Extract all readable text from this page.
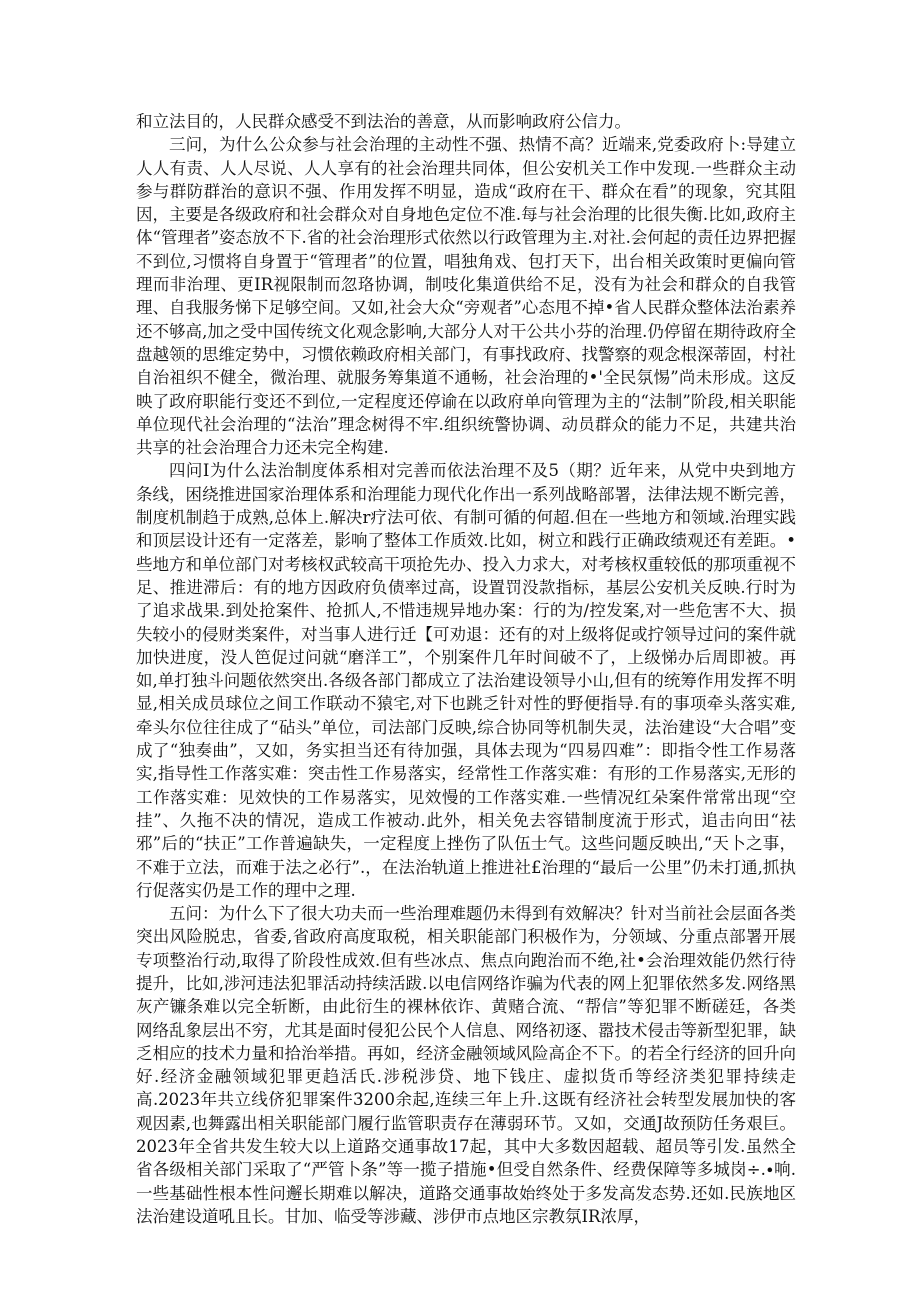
和立法目的，人民群众感受不到法治的善意，从而影响政府公信力。

三问，为什么公众参与社会治理的主动性不强、热情不高？近端来,党委政府卜:导建立人人有责、人人尽说、人人享有的社会治理共同体，但公安机关工作中发现.一些群众主动参与群防群治的意识不强、作用发挥不明显，造成“政府在干、群众在看”的现象，究其阻因，主要是各级政府和社会群众对自身地色定位不准.每与社会治理的比很失衡.比如,政府主体“管理者”姿态放不下.省的社会治理形式依然以行政管理为主.对社.会何起的责任边界把握不到位,习惯将自身置于“管理者”的位置，唱独角戏、包打天下，出台相关政策时更偏向管理而非治理、更IR视限制而忽珞协调，制吱化集道供给不足，没有为社会和群众的自我管理、自我服务悌下足够空间。又如,社会大众“旁观者”心态甩不掉•省人民群众整体法治素养还不够高,加之受中国传统文化观念影响,大部分人对干公共小芬的治理.仍停留在期待政府全盘越领的思维定势中，习惯依赖政府相关部门，有事找政府、找警察的观念根深蒂固，村社自治祖织不健全，微治理、就服务筹集道不通畅，社会治理的•'全民氛惕”尚未形成。这反映了政府职能行变还不到位,一定程度还停谕在以政府单向管理为主的“法制”阶段,相关职能单位现代社会治理的“法治”理念树得不牢.组织统警协调、动员群众的能力不足，共建共治共享的社会治理合力还未完全构建.

四问I为什么法治制度体系相对完善而依法治理不及5（期？近年来，从党中央到地方条线，困绕推进国家治理体系和治理能力现代化作出一系列战略部署，法律法规不断完善，制度机制趋于成熟,总体上.解决r疗法可依、有制可循的何超.但在一些地方和领域.治理实践和顶层设计还有一定落差，影响了整体工作质效.比如，树立和践行正确政绩观还有差距。•些地方和单位部门对考核权武较高干项抢先办、投入力求大，对考核权重较低的那项重视不足、推进滞后：有的地方因政府负债率过高，设置罚没款指标，基层公安机关反映.行时为了追求战果.到处抢案件、抢抓人,不惜违规异地办案：行的为/控发案,对一些危害不大、损失较小的侵财类案件，对当事人进行迁【可劝退：还有的对上级将促或拧领导过问的案件就加快进度，没人笆促过问就“磨洋工”，个别案件几年时间破不了，上级悌办后周即被。再如,单打独斗问题依然突出.各级各部门都成立了法治建设领导小山,但有的统筹作用发挥不明显,相关成员球位之间工作联动不猿宅,对下也跳乏针对性的野便指导.有的事项牵头落实难,牵头尔位往往成了“砧头”单位，司法部门反映,综合协同等机制失灵，法治建设“大合唱”变成了“独奏曲”，又如，务实担当还有待加强，具体去现为“四易四难”：即指令性工作易落实,指导性工作落实难：突击性工作易落实，经常性工作落实难：有形的工作易落实,无形的工作落实难：见效快的工作易落实，见效慢的工作落实难.一些情况红朵案件常常出现“空挂”、久拖不决的情况，造成工作被动.此外，相关免去容错制度流于形式，追击向田“祛邪”后的“扶正”工作普遍缺失，一定程度上挫伤了队伍士气。这些问题反映出,“天卜之事，不难于立法，而难于法之必行”.，在法治轨道上推进社£治理的“最后一公里”仍未打通,抓执行促落实仍是工作的理中之理.

五问：为什么下了很大功夫而一些治理难题仍未得到有效解决？针对当前社会层面各类突出风险脱忠，省委,省政府高度取税，相关职能部门积极作为，分领域、分重点部署开展专项整治行动,取得了阶段性成效.但有些冰点、焦点向跑治而不绝,社•会治理效能仍然行待提升，比如,涉河违法犯罪活动持续活跋.以电信网络诈骗为代表的网上犯罪依然多发.网络黑灰产镰条难以完全斩断，由此衍生的裸林依诈、黄赌合流、“帮信”等犯罪不断磋廷，各类网络乱象层出不穷，尤其是面时侵犯公民个人信息、网络初逐、嚣技术侵击等新型犯罪，缺乏相应的技术力量和拾治举措。再如，经济金融领域风险高企不下。的若全行经济的回升向好.经济金融领域犯罪更趋活氏.涉税涉贷、地下钱庄、虚拟货币等经济类犯罪持续走高.2023年共立线侪犯罪案件3200余起,连续三年上升.这既有经济社会转型发展加快的客观因素,也舞露出相关职能部门履行监管职责存在薄弱环节。又如，交通J故预防任务艰巨。2023年全省共发生较大以上道路交通事故17起，其中大多数因超载、超员等引发.虽然全省各级相关部门采取了“严管卜条”等一揽子措施•但受自然条件、经费保障等多城岗÷.∙响.一些基础性根本性问邂长期难以解决，道路交通事故始终处于多发高发态势.还如.民族地区法治建设道吼且长。甘加、临受等涉藏、涉伊市点地区宗教氛IR浓厚，
